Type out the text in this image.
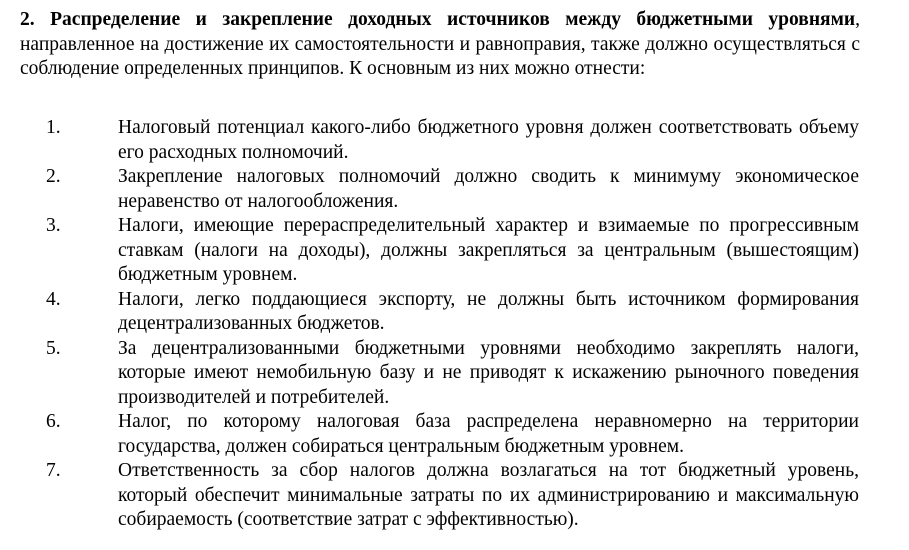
2. Распределение и закрепление доходных источников между бюджетными уровнями, направленное на достижение их самостоятельности и равноправия, также должно осуществляться с соблюдение определенных принципов. К основным из них можно отнести:

1.	Налоговый потенциал какого-либо бюджетного уровня должен соответствовать объему его расходных полномочий.
2.	Закрепление налоговых полномочий должно сводить к минимуму экономическое неравенство от налогообложения.
3.	Налоги, имеющие перераспределительный характер и взимаемые по прогрессивным ставкам (налоги на доходы), должны закрепляться за центральным (вышестоящим) бюджетным уровнем.
4.	Налоги, легко поддающиеся экспорту, не должны быть источником формирования децентрализованных бюджетов.
5.	За децентрализованными бюджетными уровнями необходимо закреплять налоги, которые имеют немобильную базу и не приводят к искажению рыночного поведения производителей и потребителей.
6.	Налог, по которому налоговая база распределена неравномерно на территории государства, должен собираться центральным бюджетным уровнем.
7.	Ответственность за сбор налогов должна возлагаться на тот бюджетный уровень, который обеспечит минимальные затраты по их администрированию и максимальную собираемость (соответствие затрат с эффективностью).
